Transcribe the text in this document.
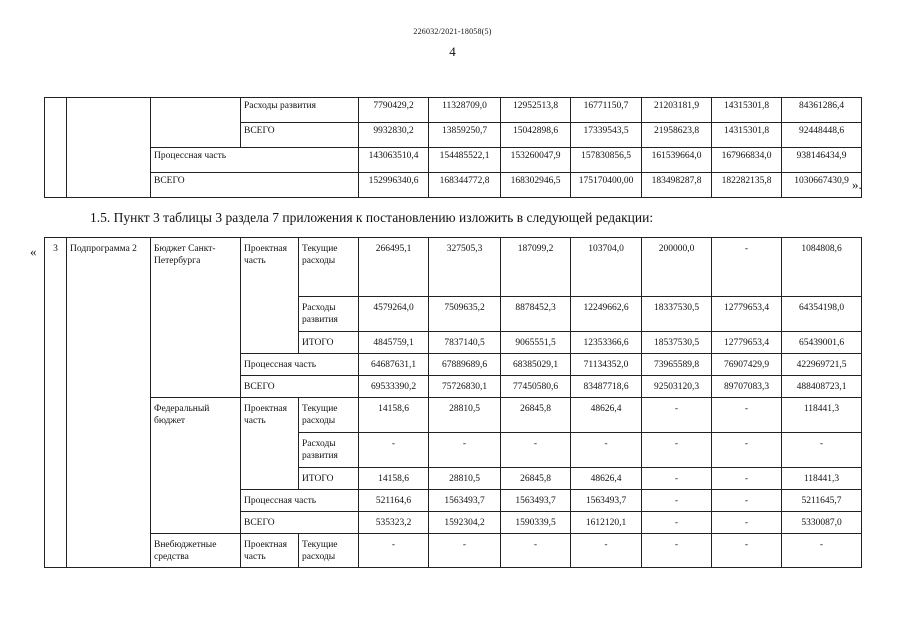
226032/2021-18058(5)
4
			Расходы развития	7790429,2	11328709,0	12952513,8	16771150,7	21203181,9	14315301,8	84361286,4
			ВСЕГО	9932830,2	13859250,7	15042898,6	17339543,5	21958623,8	14315301,8	92448448,6
		Процессная часть		143063510,4	154485522,1	153260047,9	157830856,5	161539664,0	167966834,0	938146434,9
		ВСЕГО		152996340,6	168344772,8	168302946,5	175170400,00	183498287,8	182282135,8	1030667430,9 ».
1.5. Пункт 3 таблицы 3 раздела 7 приложения к постановлению изложить в следующей редакции:
« 3	Подпрограмма 2	Бюджет Санкт-Петербурга	Проектная часть	Текущие расходы	266495,1	327505,3	187099,2	103704,0	200000,0	-	1084808,6
				Расходы развития	4579264,0	7509635,2	8878452,3	12249662,6	18337530,5	12779653,4	64354198,0
				ИТОГО	4845759,1	7837140,5	9065551,5	12353366,6	18537530,5	12779653,4	65439001,6
			Процессная часть		64687631,1	67889689,6	68385029,1	71134352,0	73965589,8	76907429,9	422969721,5
			ВСЕГО		69533390,2	75726830,1	77450580,6	83487718,6	92503120,3	89707083,3	488408723,1
		Федеральный бюджет	Проектная часть	Текущие расходы	14158,6	28810,5	26845,8	48626,4	-	-	118441,3
				Расходы развития	-	-	-	-	-	-	-
				ИТОГО	14158,6	28810,5	26845,8	48626,4	-	-	118441,3
			Процессная часть		521164,6	1563493,7	1563493,7	1563493,7	-	-	5211645,7
			ВСЕГО		535323,2	1592304,2	1590339,5	1612120,1	-	-	5330087,0
		Внебюджетные средства	Проектная часть	Текущие расходы	-	-	-	-	-	-	-
